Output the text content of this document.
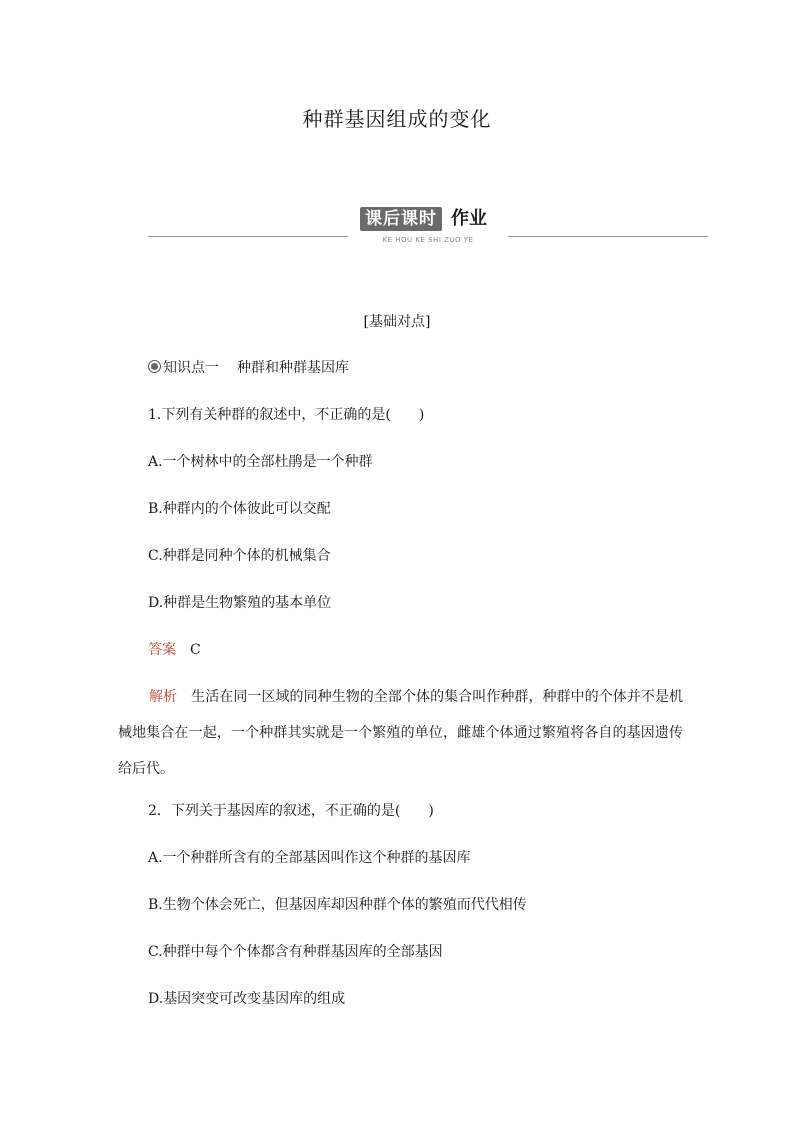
种群基因组成的变化
课后课时 作业
KE HOU KE SHI ZUO YE
[基础对点]
知识点一 种群和种群基因库
1.下列有关种群的叙述中，不正确的是(　　)
A.一个树林中的全部杜鹃是一个种群
B.种群内的个体彼此可以交配
C.种群是同种个体的机械集合
D.种群是生物繁殖的基本单位
答案 C
解析 生活在同一区域的同种生物的全部个体的集合叫作种群，种群中的个体并不是机械地集合在一起，一个种群其实就是一个繁殖的单位，雌雄个体通过繁殖将各自的基因遗传给后代。
2．下列关于基因库的叙述，不正确的是(　　)
A.一个种群所含有的全部基因叫作这个种群的基因库
B.生物个体会死亡，但基因库却因种群个体的繁殖而代代相传
C.种群中每个个体都含有种群基因库的全部基因
D.基因突变可改变基因库的组成
